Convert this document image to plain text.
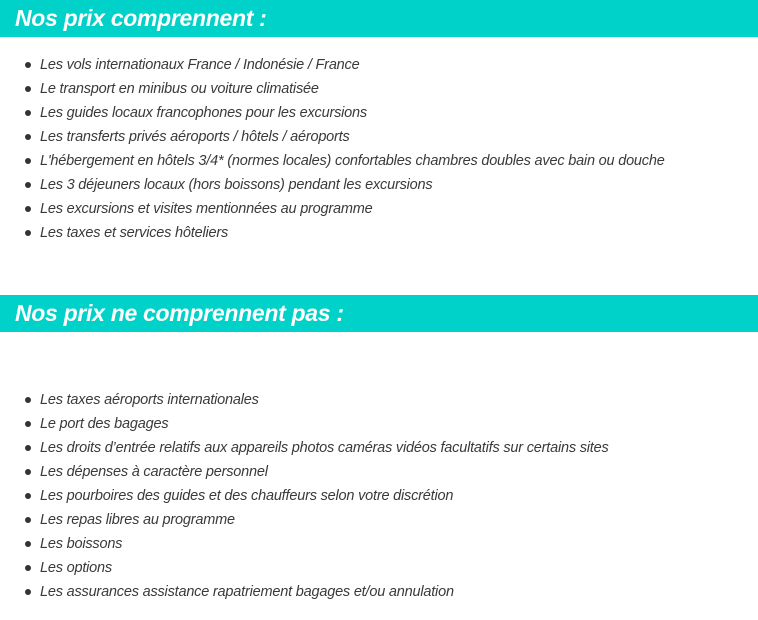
Nos prix comprennent :
Les vols internationaux France / Indonésie / France
Le transport en minibus ou voiture climatisée
Les guides locaux francophones pour les excursions
Les transferts privés aéroports / hôtels / aéroports
L'hébergement en hôtels 3/4* (normes locales) confortables chambres doubles avec bain ou douche
Les 3 déjeuners locaux (hors boissons) pendant les excursions
Les excursions et visites mentionnées au programme
Les taxes et services hôteliers
Nos prix ne comprennent pas :
Les taxes aéroports internationales
Le port des bagages
Les droits d’entrée relatifs aux appareils photos caméras vidéos facultatifs sur certains sites
Les dépenses à caractère personnel
Les pourboires des guides et des chauffeurs selon votre discrétion
Les repas libres au programme
Les boissons
Les options
Les assurances assistance rapatriement bagages et/ou annulation
